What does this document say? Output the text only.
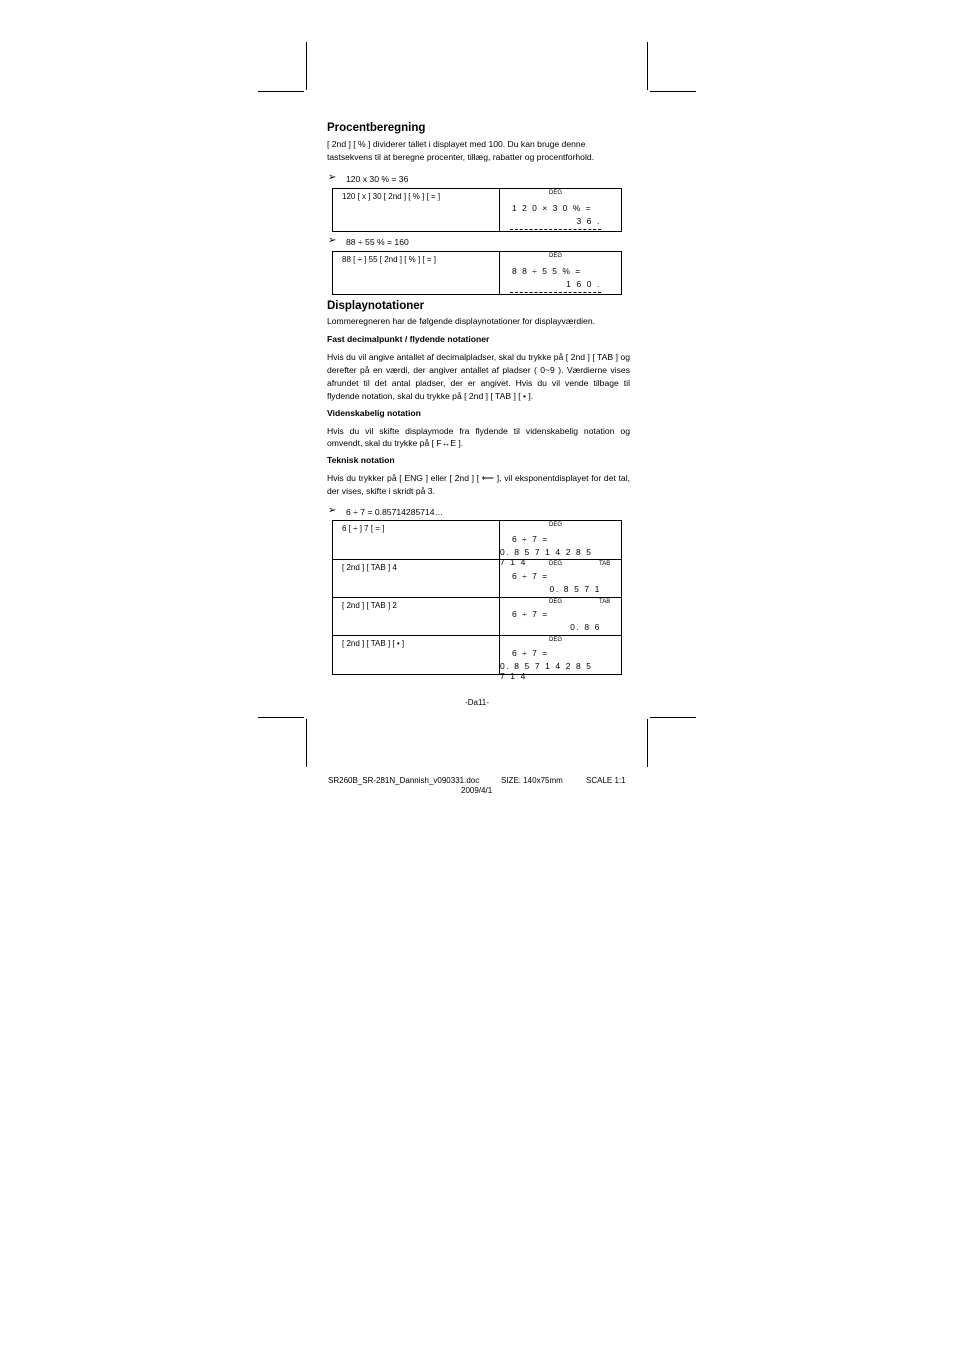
Procentberegning

[ 2nd ] [ % ] dividerer tallet i displayet med 100. Du kan bruge denne tastsekvens til at beregne procenter, tillæg, rabatter og procentforhold.

➢ 120 x 30 % = 36
120 [ x ] 30 [ 2nd ] [ % ] [ = ]	DEG
1 2 0 × 3 0 % =
3 6 .
➢ 88 ÷ 55 % = 160
88 [ ÷ ] 55 [ 2nd ] [ % ] [ = ]	DEG
8 8 ÷ 5 5 % =
1 6 0 .
Displaynotationer

Lommeregneren har de følgende displaynotationer for displayværdien.

Fast decimalpunkt / flydende notationer

Hvis du vil angive antallet af decimalpladser, skal du trykke på [ 2nd ] [ TAB ] og derefter på en værdi, der angiver antallet af pladser ( 0~9 ). Værdierne vises afrundet til det antal pladser, der er angivet. Hvis du vil vende tilbage til flydende notation, skal du trykke på [ 2nd ] [ TAB ] [ • ].

Videnskabelig notation

Hvis du vil skifte displaymode fra flydende til videnskabelig notation og omvendt, skal du trykke på [ F↔E ].

Teknisk notation

Hvis du trykker på [ ENG ] eller [ 2nd ] [ ⟵ ], vil eksponentdisplayet for det tal, der vises, skifte i skridt på 3.

➢ 6 ÷ 7 = 0.85714285714…
6 [ ÷ ] 7 [ = ]	DEG
6 ÷ 7 =
0. 8 5 7 1 4 2 8 5 7 1 4

[ 2nd ] [ TAB ] 4	DEG TAB
6 ÷ 7 =
0. 8 5 7 1

[ 2nd ] [ TAB ] 2	DEG TAB
6 ÷ 7 =
0. 8 6

[ 2nd ] [ TAB ] [ • ]	DEG
6 ÷ 7 =
0. 8 5 7 1 4 2 8 5 7 1 4
-Da11-
SR260B_SR-281N_Dannish_v090331.doc	SIZE: 140x75mm	SCALE 1:1
2009/4/1
